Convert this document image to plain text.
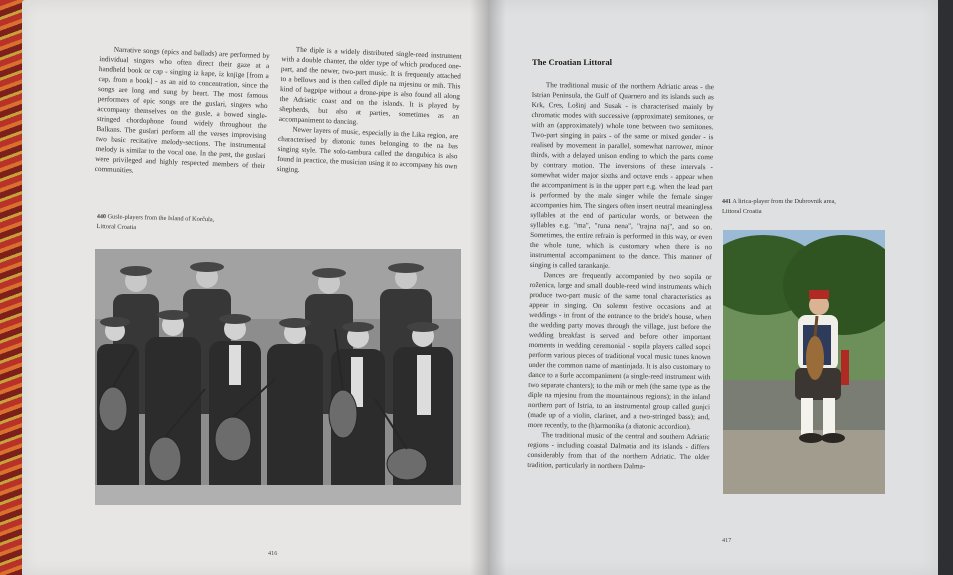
Narrative songs (epics and ballads) are performed by individual singers who often direct their gaze at a handheld book or cap - singing iz kape, iz knjige [from a cap, from a book] - as an aid to concentration, since the songs are long and sung by heart. The most famous performers of epic songs are the guslari, singers who accompany themselves on the gusle, a bowed single-stringed chordophone found widely throughout the Balkans. The guslari perform all the verses improvising two basic recitative melody-sections. The instrumental melody is similar to the vocal one. In the past, the guslari were privileged and highly respected members of their communities.

The diple is a widely distributed single-reed instrument with a double chanter, the older type of which produced one-part, and the newer, two-part music. It is frequently attached to a bellows and is then called diple na mjesinu or mih. This kind of bagpipe without a drone-pipe is also found all along the Adriatic coast and on the islands. It is played by shepherds, but also at parties, sometimes as an accompaniment to dancing.

Newer layers of music, especially in the Lika region, are characterised by diatonic tunes belonging to the na bas singing style. The solo-tambura called the dangubica is also found in practice, the musician using it to accompany his own singing.

440 Gusle-players from the Island of Korčula,
Littoral Croatia
416
The Croatian Littoral

The traditional music of the northern Adriatic areas - the Istrian Peninsula, the Gulf of Quarnero and its islands such as Krk, Cres, Lošinj and Susak - is characterised mainly by chromatic modes with successive (approximate) semitones, or with an (approximately) whole tone between two semitones. Two-part singing in pairs - of the same or mixed gender - is realised by movement in parallel, somewhat narrower, minor thirds, with a delayed unison ending to which the parts come by contrary motion. The inversions of these intervals - somewhat wider major sixths and octave ends - appear when the accompaniment is in the upper part e.g. when the lead part is performed by the male singer while the female singer accompanies him. The singers often insert neutral meaningless syllables at the end of particular words, or between the syllables e.g. "ma", "runa nena", "trajna naj", and so on. Sometimes, the entire refrain is performed in this way, or even the whole tune, which is customary when there is no instrumental accompaniment to the dance. This manner of singing is called tarankanje.

Dances are frequently accompanied by two sopila or roženica, large and small double-reed wind instruments which produce two-part music of the same tonal characteristics as appear in singing. On solemn festive occasions and at weddings - in front of the entrance to the bride's house, when the wedding party moves through the village, just before the wedding breakfast is served and before other important moments in wedding ceremonial - sopila players called sopci perform various pieces of traditional vocal music tunes known under the common name of mantinjada. It is also customary to dance to a šurle accompaniment (a single-reed instrument with two separate chanters); to the mih or meh (the same type as the diple na mjesinu from the mountainous regions); in the inland northern part of Istria, to an instrumental group called gunjci (made up of a violin, clarinet, and a two-stringed bass); and, more recently, to the (h)armonika (a diatonic accordion).

The traditional music of the central and southern Adriatic regions - including coastal Dalmatia and its islands - differs considerably from that of the northern Adriatic. The older tradition, particularly in northern Dalma-

441 A lirica-player from the Dubrovnik area,
Littoral Croatia
417
